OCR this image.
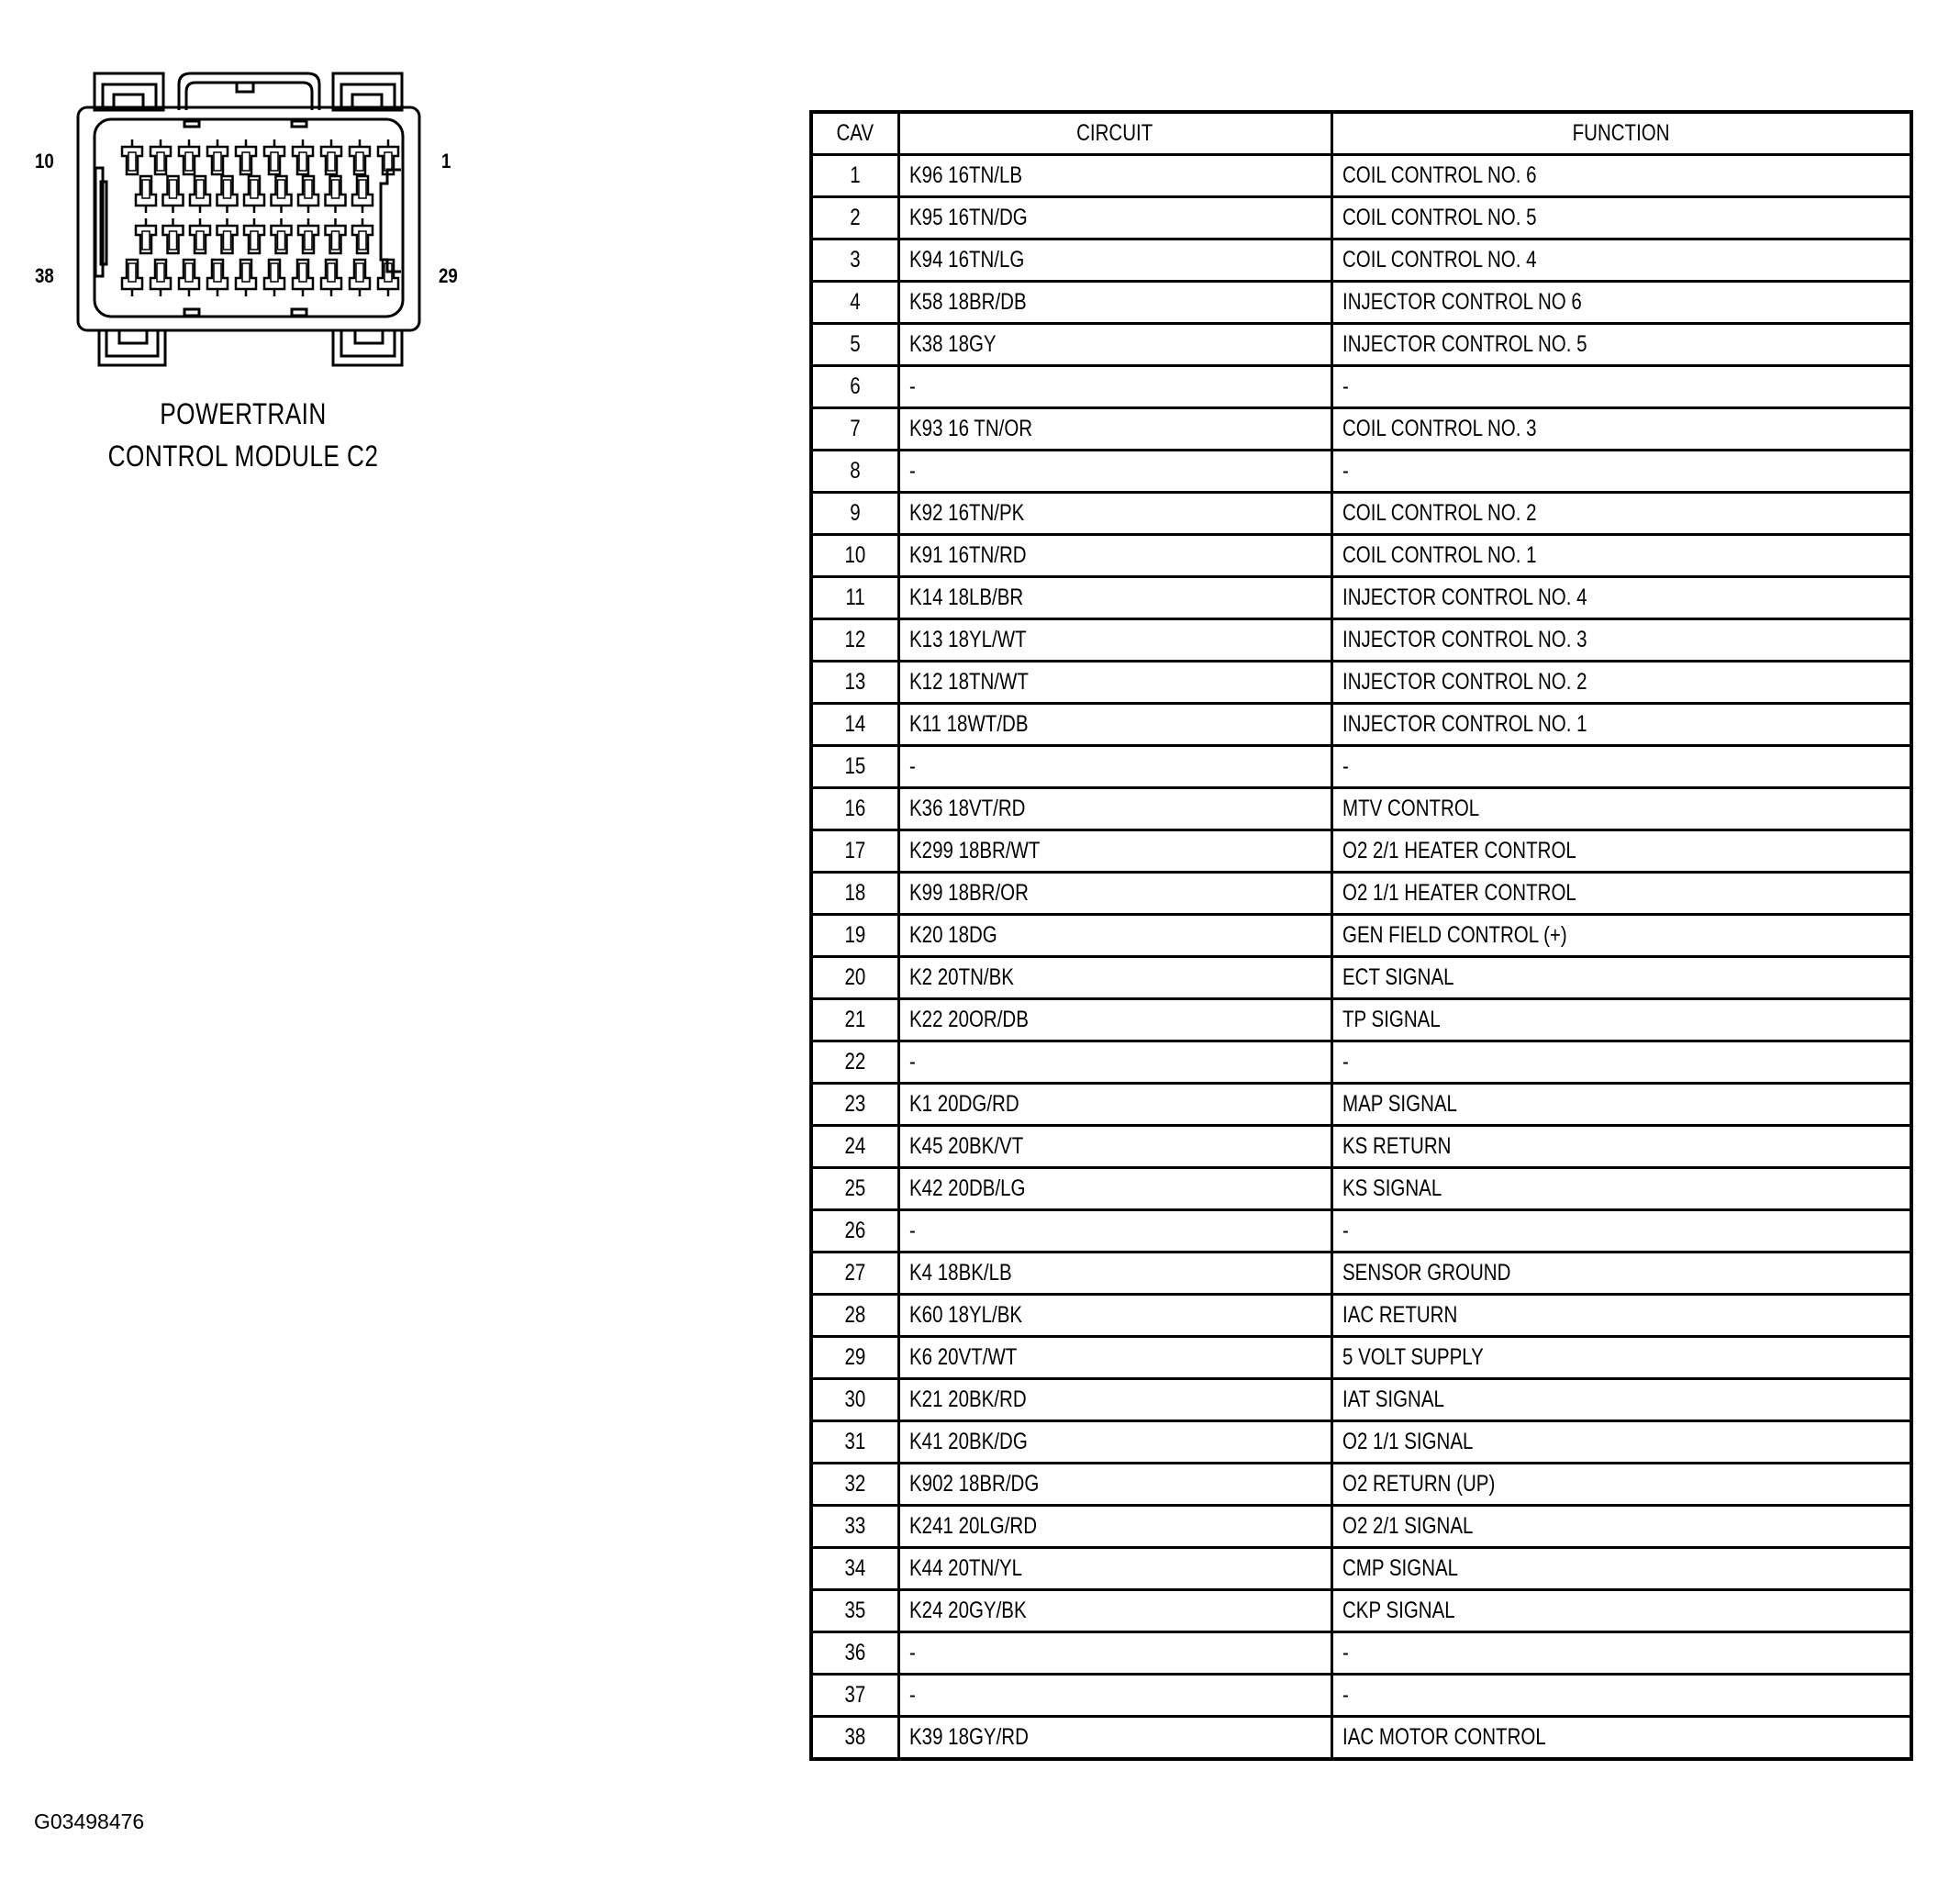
10	1
38	29
POWERTRAIN
CONTROL MODULE C2
CAV	CIRCUIT	FUNCTION
1	K96 16TN/LB	COIL CONTROL NO. 6
2	K95 16TN/DG	COIL CONTROL NO. 5
3	K94 16TN/LG	COIL CONTROL NO. 4
4	K58 18BR/DB	INJECTOR CONTROL NO 6
5	K38 18GY	INJECTOR CONTROL NO. 5
6	-	-
7	K93 16 TN/OR	COIL CONTROL NO. 3
8	-	-
9	K92 16TN/PK	COIL CONTROL NO. 2
10	K91 16TN/RD	COIL CONTROL NO. 1
11	K14 18LB/BR	INJECTOR CONTROL NO. 4
12	K13 18YL/WT	INJECTOR CONTROL NO. 3
13	K12 18TN/WT	INJECTOR CONTROL NO. 2
14	K11 18WT/DB	INJECTOR CONTROL NO. 1
15	-	-
16	K36 18VT/RD	MTV CONTROL
17	K299 18BR/WT	O2 2/1 HEATER CONTROL
18	K99 18BR/OR	O2 1/1 HEATER CONTROL
19	K20 18DG	GEN FIELD CONTROL (+)
20	K2 20TN/BK	ECT SIGNAL
21	K22 20OR/DB	TP SIGNAL
22	-	-
23	K1 20DG/RD	MAP SIGNAL
24	K45 20BK/VT	KS RETURN
25	K42 20DB/LG	KS SIGNAL
26	-	-
27	K4 18BK/LB	SENSOR GROUND
28	K60 18YL/BK	IAC RETURN
29	K6 20VT/WT	5 VOLT SUPPLY
30	K21 20BK/RD	IAT SIGNAL
31	K41 20BK/DG	O2 1/1 SIGNAL
32	K902 18BR/DG	O2 RETURN (UP)
33	K241 20LG/RD	O2 2/1 SIGNAL
34	K44 20TN/YL	CMP SIGNAL
35	K24 20GY/BK	CKP SIGNAL
36	-	-
37	-	-
38	K39 18GY/RD	IAC MOTOR CONTROL
G03498476
